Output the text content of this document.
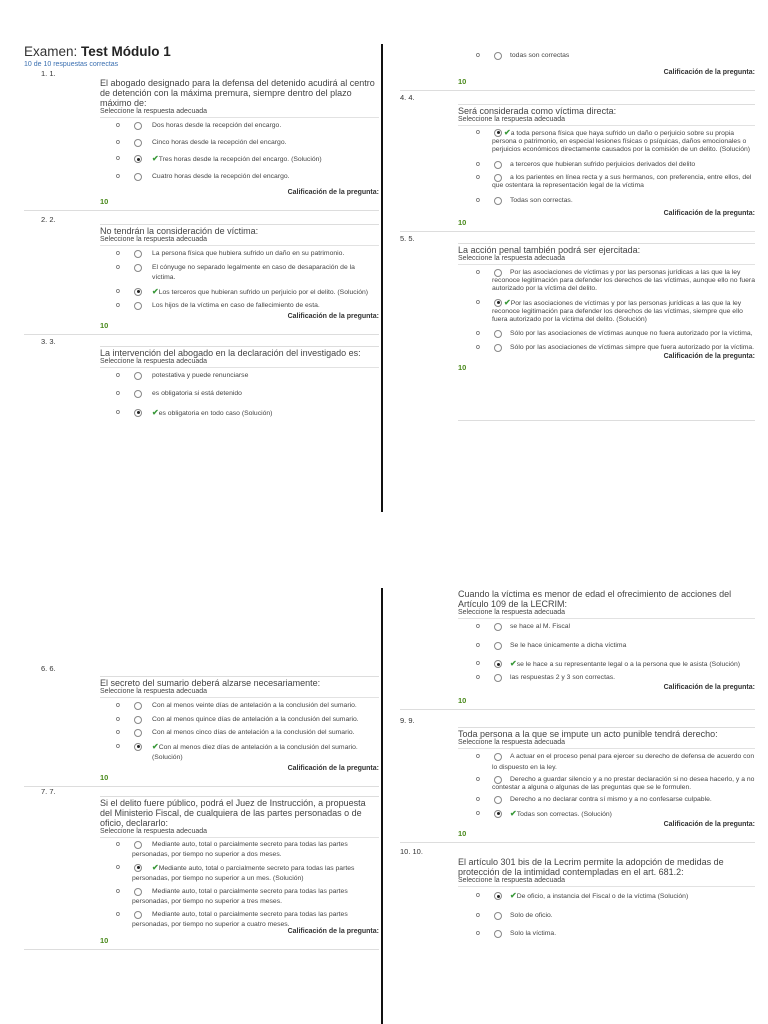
Examen: Test Módulo 1
10 de 10 respuestas correctas
1. 1.
El abogado designado para la defensa del detenido acudirá al centro de detención con la máxima premura, siempre dentro del plazo máximo de:
Seleccione la respuesta adecuada
o	Dos horas desde la recepción del encargo.
o	Cinco horas desde la recepción del encargo.
o	✔Tres horas desde la recepción del encargo. (Solución)
o	Cuatro horas desde la recepción del encargo.
Calificación de la pregunta:
10
2. 2.
No tendrán la consideración de víctima:
Seleccione la respuesta adecuada
o	La persona física que hubiera sufrido un daño en su patrimonio.
o	El cónyuge no separado legalmente en caso de desaparación de la víctima.
o	✔Los terceros que hubieran sufrido un perjuicio por el delito. (Solución)
o	Los hijos de la víctima en caso de fallecimiento de esta.
Calificación de la pregunta:
10
3. 3.
La intervención del abogado en la declaración del investigado es:
Seleccione la respuesta adecuada
o	potestativa y puede renunciarse
o	es obligatoria si está detenido
o	✔es obligatoria en todo caso (Solución)
o	todas son correctas
Calificación de la pregunta:
10
4. 4.
Será considerada como víctima directa:
Seleccione la respuesta adecuada
o	✔a toda persona física que haya sufrido un daño o perjuicio sobre su propia persona o patrimonio, en especial lesiones físicas o psíquicas, daños emocionales o perjuicios económicos directamente causados por la comisión de un delito. (Solución)
o	a terceros que hubieran sufrido perjuicios derivados del delito
o	a los parientes en línea recta y a sus hermanos, con preferencia, entre ellos, del que ostentara la representación legal de la víctima
o	Todas son correctas.
Calificación de la pregunta:
10
5. 5.
La acción penal también podrá ser ejercitada:
Seleccione la respuesta adecuada
o	Por las asociaciones de víctimas y por las personas jurídicas a las que la ley reconoce legitimación para defender los derechos de las víctimas, aunque ello no fuera autorizado por la víctima del delito.
o	✔Por las asociaciones de víctimas y por las personas jurídicas a las que la ley reconoce legitimación para defender los derechos de las víctimas, siempre que ello fuera autorizado por la víctima del delito. (Solución)
o	Sólo por las asociaciones de víctimas aunque no fuera autorizado por la víctima,
o	Sólo por las asociaciones de víctimas simpre que fuera autorizado por la víctima.
Calificación de la pregunta:
10
6. 6.
El secreto del sumario deberá alzarse necesariamente:
Seleccione la respuesta adecuada
o	Con al menos veinte días de antelación a la conclusión del sumario.
o	Con al menos quince días de antelación a la conclusión del sumario.
o	Con al menos cinco días de antelación a la conclusión del sumario.
o	✔Con al menos diez días de antelación a la conclusión del sumario. (Solución)
Calificación de la pregunta:
10
7. 7.
Si el delito fuere público, podrá el Juez de Instrucción, a propuesta del Ministerio Fiscal, de cualquiera de las partes personadas o de oficio, declararlo:
Seleccione la respuesta adecuada
o	Mediante auto, total o parcialmente secreto para todas las partes personadas, por tiempo no superior a dos meses.
o	✔Mediante auto, total o parcialmente secreto para todas las partes personadas, por tiempo no superior a un mes. (Solución)
o	Mediante auto, total o parcialmente secreto para todas las partes personadas, por tiempo no superior a tres meses.
o	Mediante auto, total o parcialmente secreto para todas las partes personadas, por tiempo no superior a cuatro meses.
Calificación de la pregunta:
10
Cuando la víctima es menor de edad el ofrecimiento de acciones del Artículo 109 de la LECRIM:
Seleccione la respuesta adecuada
o	se hace al M. Fiscal
o	Se le hace únicamente a dicha víctima
o	✔se le hace a su representante legal o a la persona que le asista (Solución)
o	las respuestas 2 y 3 son correctas.
Calificación de la pregunta:
10
9. 9.
Toda persona a la que se impute un acto punible tendrá derecho:
Seleccione la respuesta adecuada
o	A actuar en el proceso penal para ejercer su derecho de defensa de acuerdo con lo dispuesto en la ley.
o	Derecho a guardar silencio y a no prestar declaración si no desea hacerlo, y a no contestar a alguna o algunas de las preguntas que se le formulen.
o	Derecho a no declarar contra sí mismo y a no confesarse culpable.
o	✔Todas son correctas. (Solución)
Calificación de la pregunta:
10
10. 10.
El artículo 301 bis de la Lecrim permite la adopción de medidas de protección de la intimidad contempladas en el art. 681.2:
Seleccione la respuesta adecuada
o	✔De oficio, a instancia del Fiscal o de la víctima (Solución)
o	Solo de oficio.
o	Solo la víctima.
